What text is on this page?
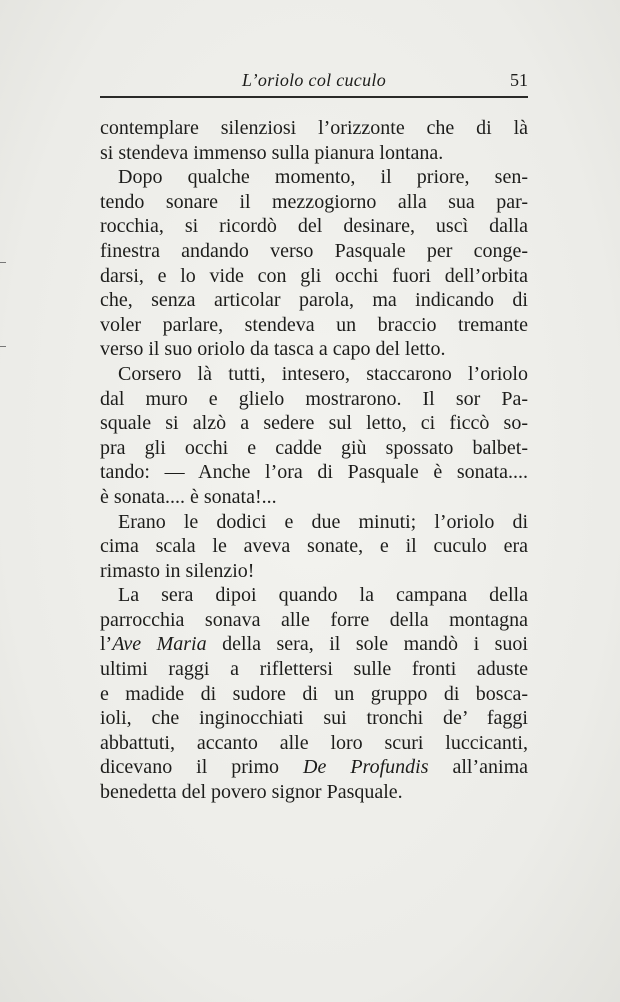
L’oriolo col cuculo	51
contemplare silenziosi l’orizzonte che di là
si stendeva immenso sulla pianura lontana.
Dopo qualche momento, il priore, sen-
tendo sonare il mezzogiorno alla sua par-
rocchia, si ricordò del desinare, uscì dalla
finestra andando verso Pasquale per conge-
darsi, e lo vide con gli occhi fuori dell’orbita
che, senza articolar parola, ma indicando di
voler parlare, stendeva un braccio tremante
verso il suo oriolo da tasca a capo del letto.
Corsero là tutti, intesero, staccarono l’oriolo
dal muro e glielo mostrarono. Il sor Pa-
squale si alzò a sedere sul letto, ci ficcò so-
pra gli occhi e cadde giù spossato balbet-
tando: — Anche l’ora di Pasquale è sonata....
è sonata.... è sonata!...
Erano le dodici e due minuti; l’oriolo di
cima scala le aveva sonate, e il cuculo era
rimasto in silenzio!
La sera dipoi quando la campana della
parrocchia sonava alle forre della montagna
l’Ave Maria della sera, il sole mandò i suoi
ultimi raggi a riflettersi sulle fronti aduste
e madide di sudore di un gruppo di bosca-
ioli, che inginocchiati sui tronchi de’ faggi
abbattuti, accanto alle loro scuri luccicanti,
dicevano il primo De Profundis all’anima
benedetta del povero signor Pasquale.
